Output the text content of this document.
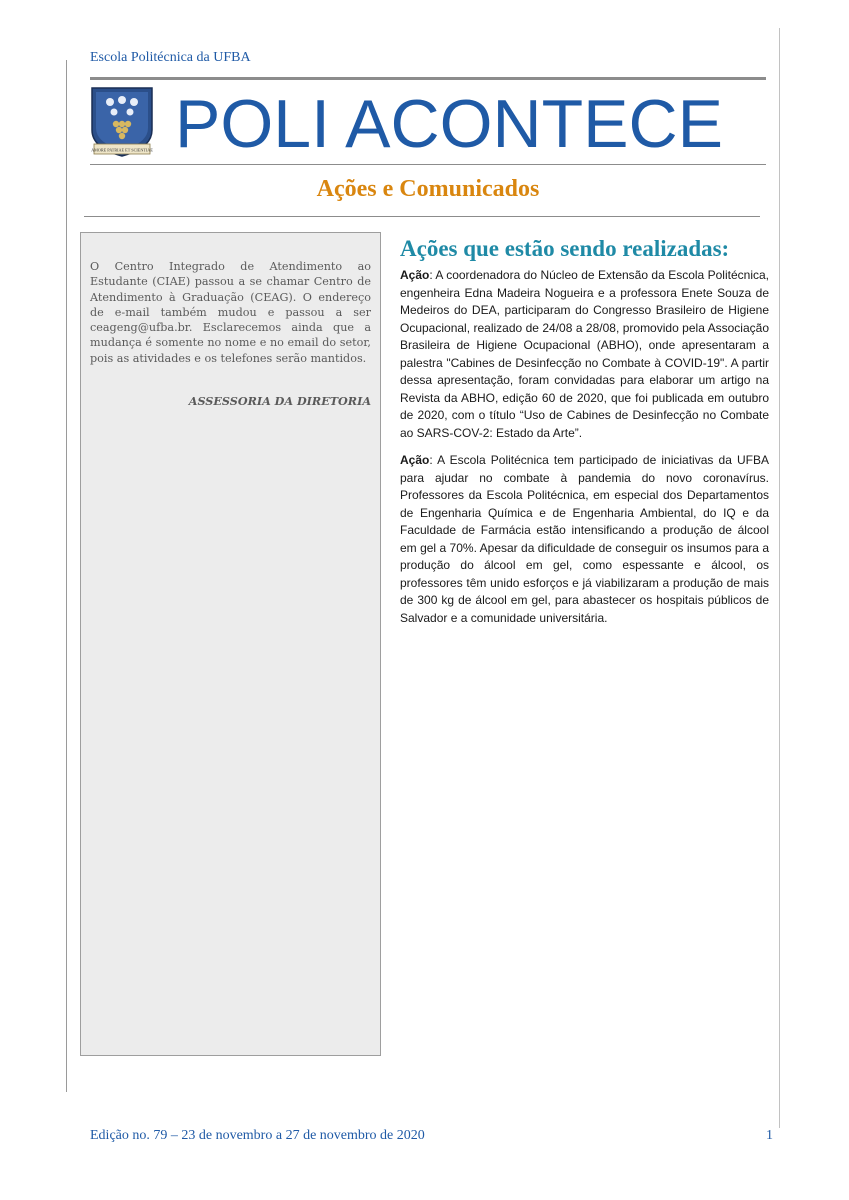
Escola Politécnica da UFBA
AMORE PATRIAE ET SCIENTIAE POLI ACONTECE
Ações e Comunicados

O Centro Integrado de Atendimento ao Estudante (CIAE) passou a se chamar Centro de Atendimento à Graduação (CEAG). O endereço de e-mail também mudou e passou a ser ceageng@ufba.br. Esclarecemos ainda que a mudança é somente no nome e no email do setor, pois as atividades e os telefones serão mantidos.

ASSESSORIA DA DIRETORIA

Ações que estão sendo realizadas:

Ação: A coordenadora do Núcleo de Extensão da Escola Politécnica, engenheira Edna Madeira Nogueira e a professora Enete Souza de Medeiros do DEA, participaram do Congresso Brasileiro de Higiene Ocupacional, realizado de 24/08 a 28/08, promovido pela Associação Brasileira de Higiene Ocupacional (ABHO), onde apresentaram a palestra "Cabines de Desinfecção no Combate à COVID-19". A partir dessa apresentação, foram convidadas para elaborar um artigo na Revista da ABHO, edição 60 de 2020, que foi publicada em outubro de 2020, com o título “Uso de Cabines de Desinfecção no Combate ao SARS-COV-2: Estado da Arte”.

Ação: A Escola Politécnica tem participado de iniciativas da UFBA para ajudar no combate à pandemia do novo coronavírus. Professores da Escola Politécnica, em especial dos Departamentos de Engenharia Química e de Engenharia Ambiental, do IQ e da Faculdade de Farmácia estão intensificando a produção de álcool em gel a 70%. Apesar da dificuldade de conseguir os insumos para a produção do álcool em gel, como espessante e álcool, os professores têm unido esforços e já viabilizaram a produção de mais de 300 kg de álcool em gel, para abastecer os hospitais públicos de Salvador e a comunidade universitária.

Edição no. 79 – 23 de novembro a 27 de novembro de 2020	1
